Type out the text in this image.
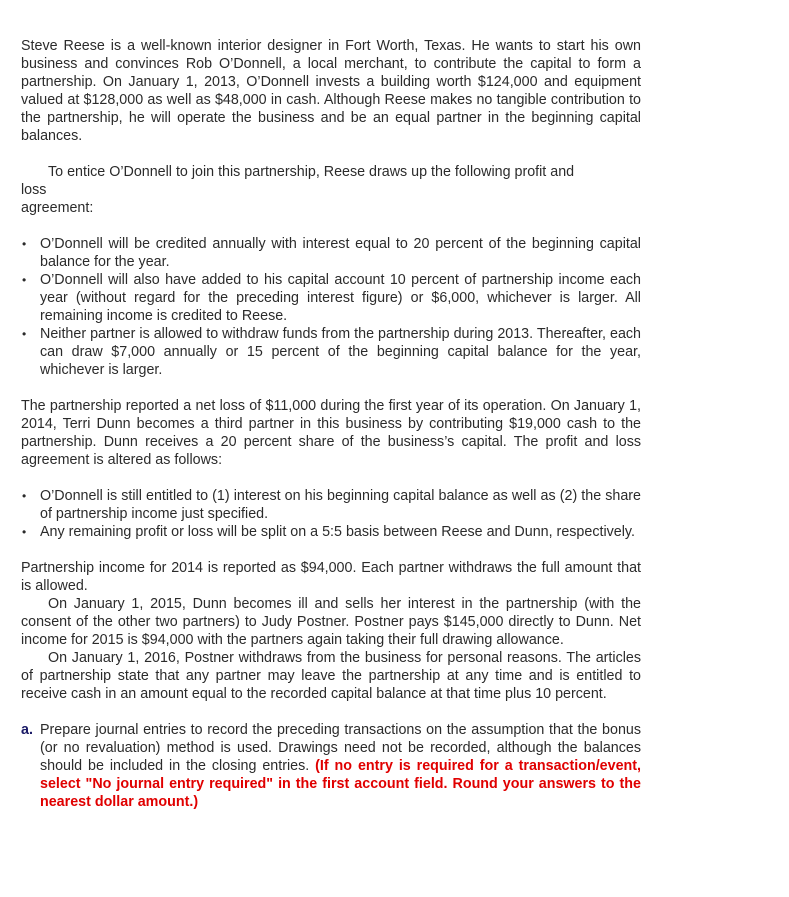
Steve Reese is a well-known interior designer in Fort Worth, Texas. He wants to start his own business and convinces Rob O’Donnell, a local merchant, to contribute the capital to form a partnership. On January 1, 2013, O’Donnell invests a building worth $124,000 and equipment valued at $128,000 as well as $48,000 in cash. Although Reese makes no tangible contribution to the partnership, he will operate the business and be an equal partner in the beginning capital balances.

To entice O’Donnell to join this partnership, Reese draws up the following profit and

loss

agreement:

• O’Donnell will be credited annually with interest equal to 20 percent of the beginning capital balance for the year.
• O’Donnell will also have added to his capital account 10 percent of partnership income each year (without regard for the preceding interest figure) or $6,000, whichever is larger. All remaining income is credited to Reese.
• Neither partner is allowed to withdraw funds from the partnership during 2013. Thereafter, each can draw $7,000 annually or 15 percent of the beginning capital balance for the year, whichever is larger.

The partnership reported a net loss of $11,000 during the first year of its operation. On January 1, 2014, Terri Dunn becomes a third partner in this business by contributing $19,000 cash to the partnership. Dunn receives a 20 percent share of the business’s capital. The profit and loss agreement is altered as follows:

• O’Donnell is still entitled to (1) interest on his beginning capital balance as well as (2) the share of partnership income just specified.
• Any remaining profit or loss will be split on a 5:5 basis between Reese and Dunn, respectively.

Partnership income for 2014 is reported as $94,000. Each partner withdraws the full amount that is allowed.

On January 1, 2015, Dunn becomes ill and sells her interest in the partnership (with the consent of the other two partners) to Judy Postner. Postner pays $145,000 directly to Dunn. Net income for 2015 is $94,000 with the partners again taking their full drawing allowance.

On January 1, 2016, Postner withdraws from the business for personal reasons. The articles of partnership state that any partner may leave the partnership at any time and is entitled to receive cash in an amount equal to the recorded capital balance at that time plus 10 percent.

a. Prepare journal entries to record the preceding transactions on the assumption that the bonus (or no revaluation) method is used. Drawings need not be recorded, although the balances should be included in the closing entries. (If no entry is required for a transaction/event, select "No journal entry required" in the first account field. Round your answers to the nearest dollar amount.)
